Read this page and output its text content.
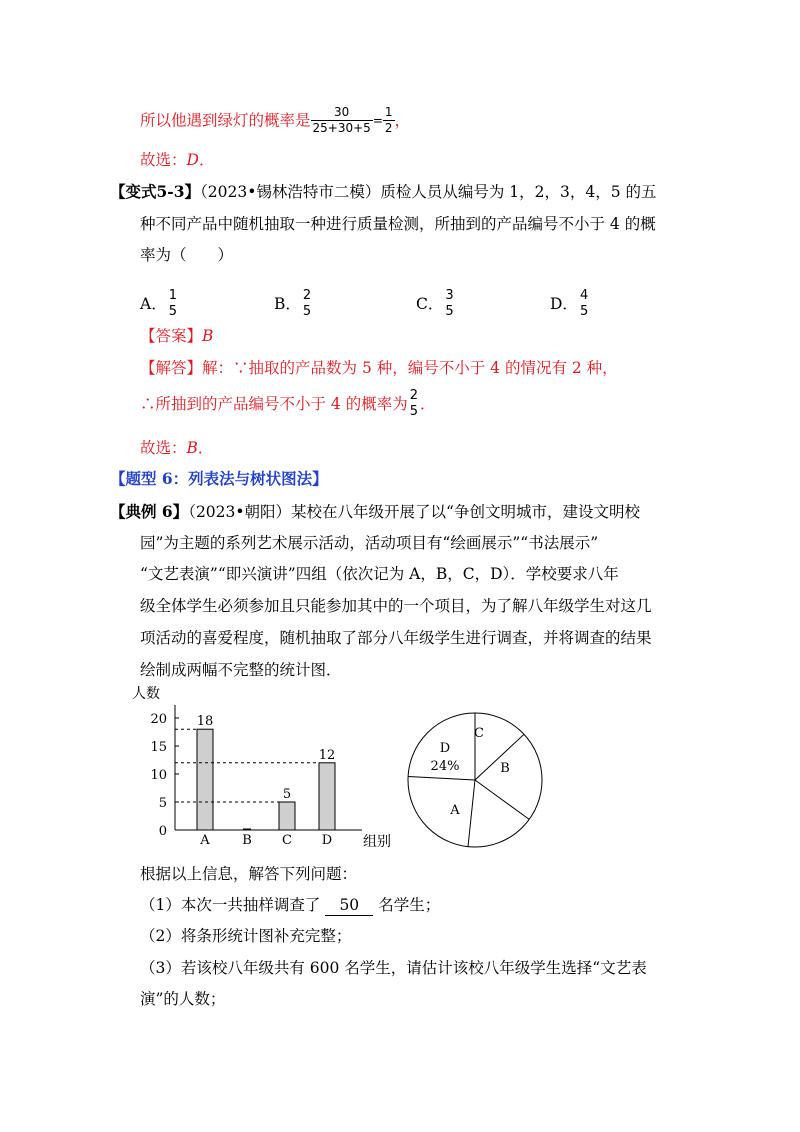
所以他遇到绿灯的概率是 $\frac{30}{25+30+5} = \frac{1}{2}$ ，
故选：D．
【变式5-3】（2023•锡林浩特市二模）质检人员从编号为 1，2，3，4，5 的五
种不同产品中随机抽取一种进行质量检测，所抽到的产品编号不小于 4 的概
率为（　　）
A． 1
5	B． 2
5	C． 3
5	D． 4
5
【答案】B
【解答】解：∵抽取的产品数为 5 种，编号不小于 4 的情况有 2 种，
∴所抽到的产品编号不小于 4 的概率为 2
5 ．
故选：B．
【题型 6：列表法与树状图法】
【典例 6】（2023•朝阳）某校在八年级开展了以“争创文明城市，建设文明校
园”为主题的系列艺术展示活动，活动项目有“绘画展示”“书法展示”
“文艺表演”“即兴演讲”四组（依次记为 A，B，C，D）．学校要求八年
级全体学生必须参加且只能参加其中的一个项目，为了解八年级学生对这几
项活动的喜爱程度，随机抽取了部分八年级学生进行调查，并将调查的结果
绘制成两幅不完整的统计图．
人数
0
5
10
15
20 18
A	B
5
C
12
D 组别
D
24%
C
B
A
根据以上信息，解答下列问题：
（1）本次一共抽样调查了 50 名学生；
（2）将条形统计图补充完整；
（3）若该校八年级共有 600 名学生，请估计该校八年级学生选择“文艺表
演”的人数；
